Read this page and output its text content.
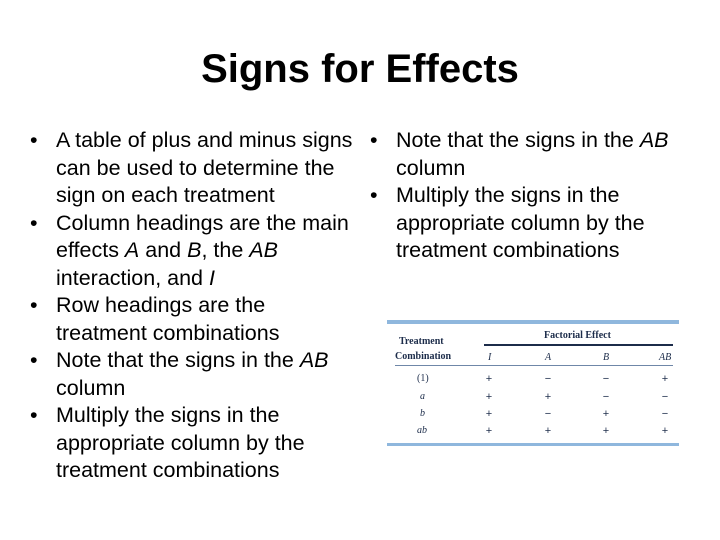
Signs for Effects
• A table of plus and minus signs can be used to determine the sign on each treatment
• Column headings are the main effects A and B, the AB interaction, and I
• Row headings are the treatment combinations
• Note that the signs in the AB column
• Multiply the signs in the appropriate column by the treatment combinations
• Note that the signs in the AB column
• Multiply the signs in the appropriate column by the treatment combinations
Treatment
Combination
Factorial Effect
I	A	B	AB
(1)	+	−	−	+
a	+	+	−	−
b	+	−	+	−
ab	+	+	+	+
